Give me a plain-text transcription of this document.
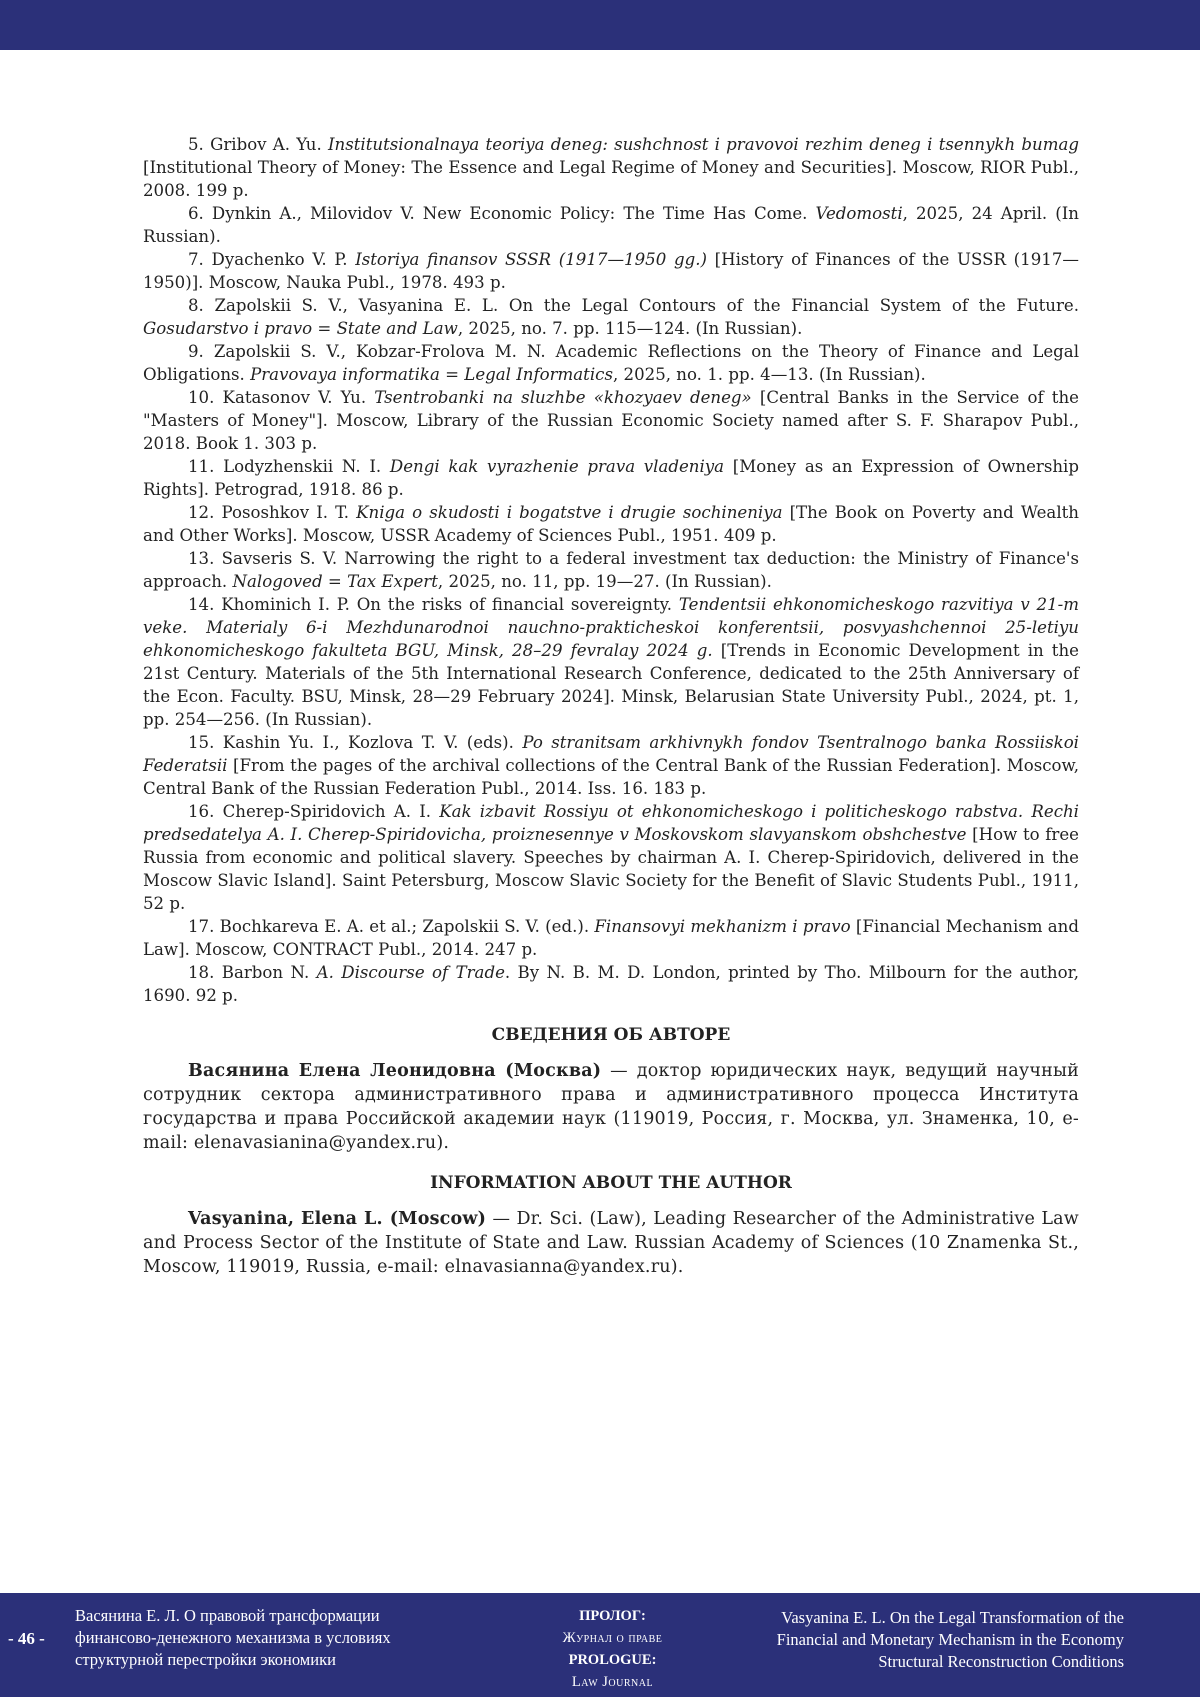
5. Gribov A. Yu. Institutsionalnaya teoriya deneg: sushchnost i pravovoi rezhim deneg i tsennykh bumag [Institutional Theory of Money: The Essence and Legal Regime of Money and Securities]. Moscow, RIOR Publ., 2008. 199 p.

6. Dynkin A., Milovidov V. New Economic Policy: The Time Has Come. Vedomosti, 2025, 24 April. (In Russian).

7. Dyachenko V. P. Istoriya finansov SSSR (1917—1950 gg.) [History of Finances of the USSR (1917—1950)]. Moscow, Nauka Publ., 1978. 493 p.

8. Zapolskii S. V., Vasyanina E. L. On the Legal Contours of the Financial System of the Future. Gosudarstvo i pravo = State and Law, 2025, no. 7. pp. 115—124. (In Russian).

9. Zapolskii S. V., Kobzar-Frolova M. N. Academic Reflections on the Theory of Finance and Legal Obligations. Pravovaya informatika = Legal Informatics, 2025, no. 1. pp. 4—13. (In Russian).

10. Katasonov V. Yu. Tsentrobanki na sluzhbe «khozyaev deneg» [Central Banks in the Service of the "Masters of Money"]. Moscow, Library of the Russian Economic Society named after S. F. Sharapov Publ., 2018. Book 1. 303 p.

11. Lodyzhenskii N. I. Dengi kak vyrazhenie prava vladeniya [Money as an Expression of Ownership Rights]. Petrograd, 1918. 86 p.

12. Pososhkov I. T. Kniga o skudosti i bogatstve i drugie sochineniya [The Book on Poverty and Wealth and Other Works]. Moscow, USSR Academy of Sciences Publ., 1951. 409 p.

13. Savseris S. V. Narrowing the right to a federal investment tax deduction: the Ministry of Finance's approach. Nalogoved = Tax Expert, 2025, no. 11, pp. 19—27. (In Russian).

14. Khominich I. P. On the risks of financial sovereignty. Tendentsii ehkonomicheskogo razvitiya v 21-m veke. Materialy 6-i Mezhdunarodnoi nauchno-prakticheskoi konferentsii, posvyashchennoi 25-letiyu ehkonomicheskogo fakulteta BGU, Minsk, 28–29 fevralay 2024 g. [Trends in Economic Development in the 21st Century. Materials of the 5th International Research Conference, dedicated to the 25th Anniversary of the Econ. Faculty. BSU, Minsk, 28—29 February 2024]. Minsk, Belarusian State University Publ., 2024, pt. 1, pp. 254—256. (In Russian).

15. Kashin Yu. I., Kozlova T. V. (eds). Po stranitsam arkhivnykh fondov Tsentralnogo banka Rossiiskoi Federatsii [From the pages of the archival collections of the Central Bank of the Russian Federation]. Moscow, Central Bank of the Russian Federation Publ., 2014. Iss. 16. 183 p.

16. Cherep-Spiridovich A. I. Kak izbavit Rossiyu ot ehkonomicheskogo i politicheskogo rabstva. Rechi predsedatelya A. I. Cherep-Spiridovicha, proiznesennye v Moskovskom slavyanskom obshchestve [How to free Russia from economic and political slavery. Speeches by chairman A. I. Cherep-Spiridovich, delivered in the Moscow Slavic Island]. Saint Petersburg, Moscow Slavic Society for the Benefit of Slavic Students Publ., 1911, 52 p.

17. Bochkareva E. A. et al.; Zapolskii S. V. (ed.). Finansovyi mekhanizm i pravo [Financial Mechanism and Law]. Moscow, CONTRACT Publ., 2014. 247 p.

18. Barbon N. A. Discourse of Trade. By N. B. M. D. London, printed by Tho. Milbourn for the author, 1690. 92 p.

СВЕДЕНИЯ ОБ АВТОРЕ

Васянина Елена Леонидовна (Москва) — доктор юридических наук, ведущий научный сотрудник сектора административного права и административного процесса Института государства и права Российской академии наук (119019, Россия, г. Москва, ул. Знаменка, 10, e-mail: elenavasianina@yandex.ru).

INFORMATION ABOUT THE AUTHOR

Vasyanina, Elena L. (Moscow) — Dr. Sci. (Law), Leading Researcher of the Administrative Law and Process Sector of the Institute of State and Law. Russian Academy of Sciences (10 Znamenka St., Moscow, 119019, Russia, e-mail: elnavasianna@yandex.ru).

- 46 -
Васянина Е. Л. О правовой трансформации
финансово-денежного механизма в условиях
структурной перестройки экономики
ПРОЛОГ:
Журнал о праве
PROLOGUE:
Law Journal
Vasyanina E. L. On the Legal Transformation of the
Financial and Monetary Mechanism in the Economy
Structural Reconstruction Conditions
